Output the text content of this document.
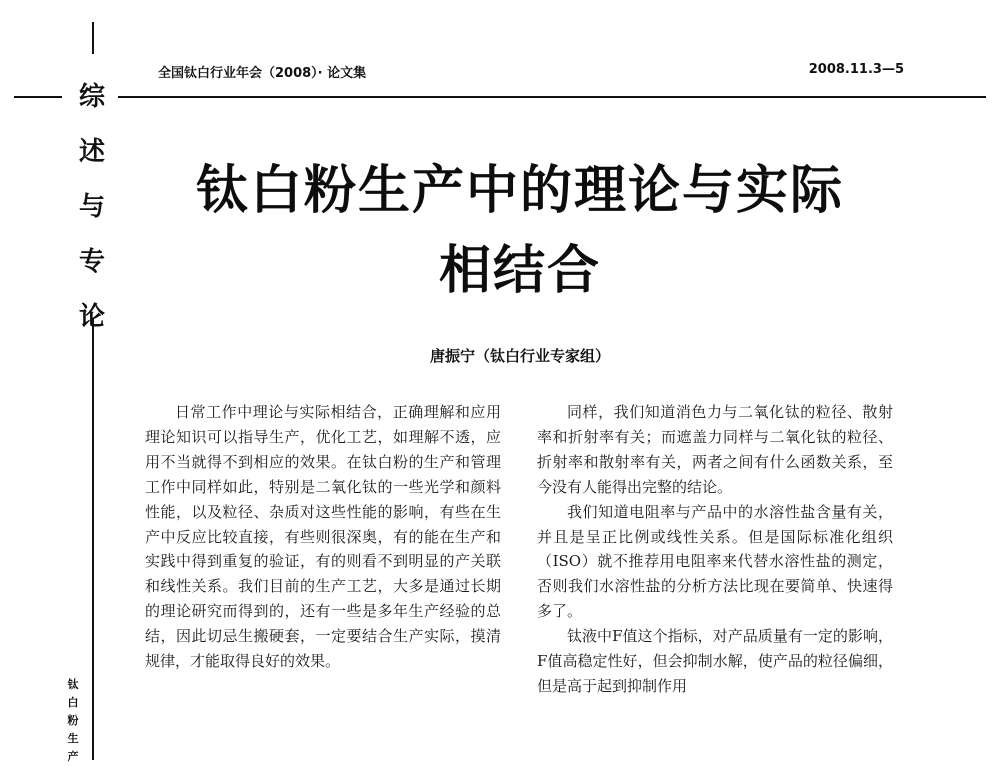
综
述
与
专
论
钛
白
粉
生
产
全国钛白行业年会（2008）· 论文集	2008.11.3—5
钛白粉生产中的理论与实际
相结合
唐振宁（钛白行业专家组）

日常工作中理论与实际相结合，正确理解和应用理论知识可以指导生产，优化工艺，如理解不透，应用不当就得不到相应的效果。在钛白粉的生产和管理工作中同样如此，特别是二氧化钛的一些光学和颜料性能，以及粒径、杂质对这些性能的影响，有些在生产中反应比较直接，有些则很深奥，有的能在生产和实践中得到重复的验证，有的则看不到明显的产关联和线性关系。我们目前的生产工艺，大多是通过长期的理论研究而得到的，还有一些是多年生产经验的总结，因此切忌生搬硬套，一定要结合生产实际，摸清规律，才能取得良好的效果。

同样，我们知道消色力与二氧化钛的粒径、散射率和折射率有关；而遮盖力同样与二氧化钛的粒径、折射率和散射率有关，两者之间有什么函数关系，至今没有人能得出完整的结论。

我们知道电阻率与产品中的水溶性盐含量有关，并且是呈正比例或线性关系。但是国际标准化组织（ISO）就不推荐用电阻率来代替水溶性盐的测定，否则我们水溶性盐的分析方法比现在要简单、快速得多了。

钛液中F值这个指标，对产品质量有一定的影响，F值高稳定性好，但会抑制水解，使产品的粒径偏细，但是高于起到抑制作用
